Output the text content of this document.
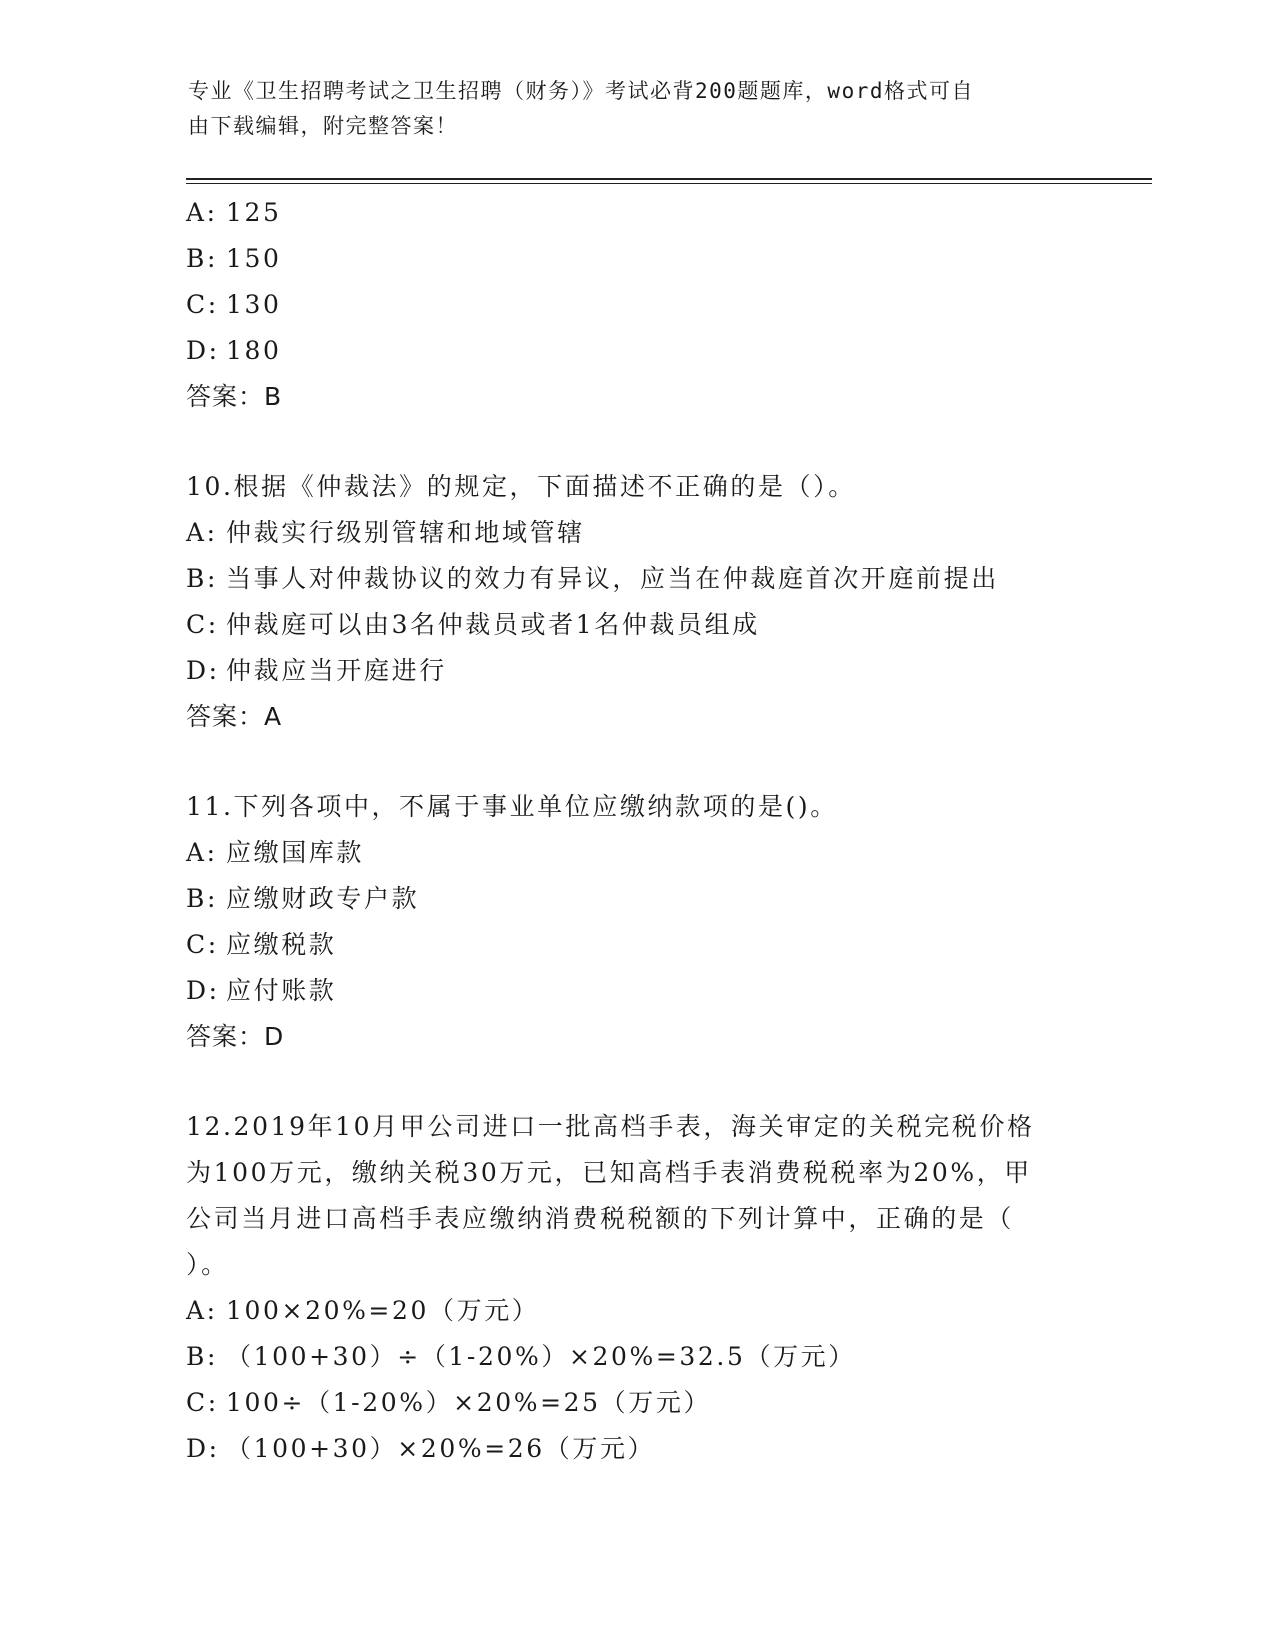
专业《卫生招聘考试之卫生招聘（财务）》考试必背200题题库，word格式可自
由下载编辑，附完整答案！
A: 125
B: 150
C: 130
D: 180
答案：B
10.根据《仲裁法》的规定，下面描述不正确的是（）。
A: 仲裁实行级别管辖和地域管辖
B: 当事人对仲裁协议的效力有异议，应当在仲裁庭首次开庭前提出
C: 仲裁庭可以由3名仲裁员或者1名仲裁员组成
D: 仲裁应当开庭进行
答案：A
11.下列各项中，不属于事业单位应缴纳款项的是()。
A: 应缴国库款
B: 应缴财政专户款
C: 应缴税款
D: 应付账款
答案：D
12.2019年10月甲公司进口一批高档手表，海关审定的关税完税价格
为100万元，缴纳关税30万元，已知高档手表消费税税率为20%，甲
公司当月进口高档手表应缴纳消费税税额的下列计算中，正确的是（
）。
A: 100×20%=20（万元）
B: （100+30）÷（1-20%）×20%=32.5（万元）
C: 100÷（1-20%）×20%=25（万元）
D: （100+30）×20%=26（万元）
